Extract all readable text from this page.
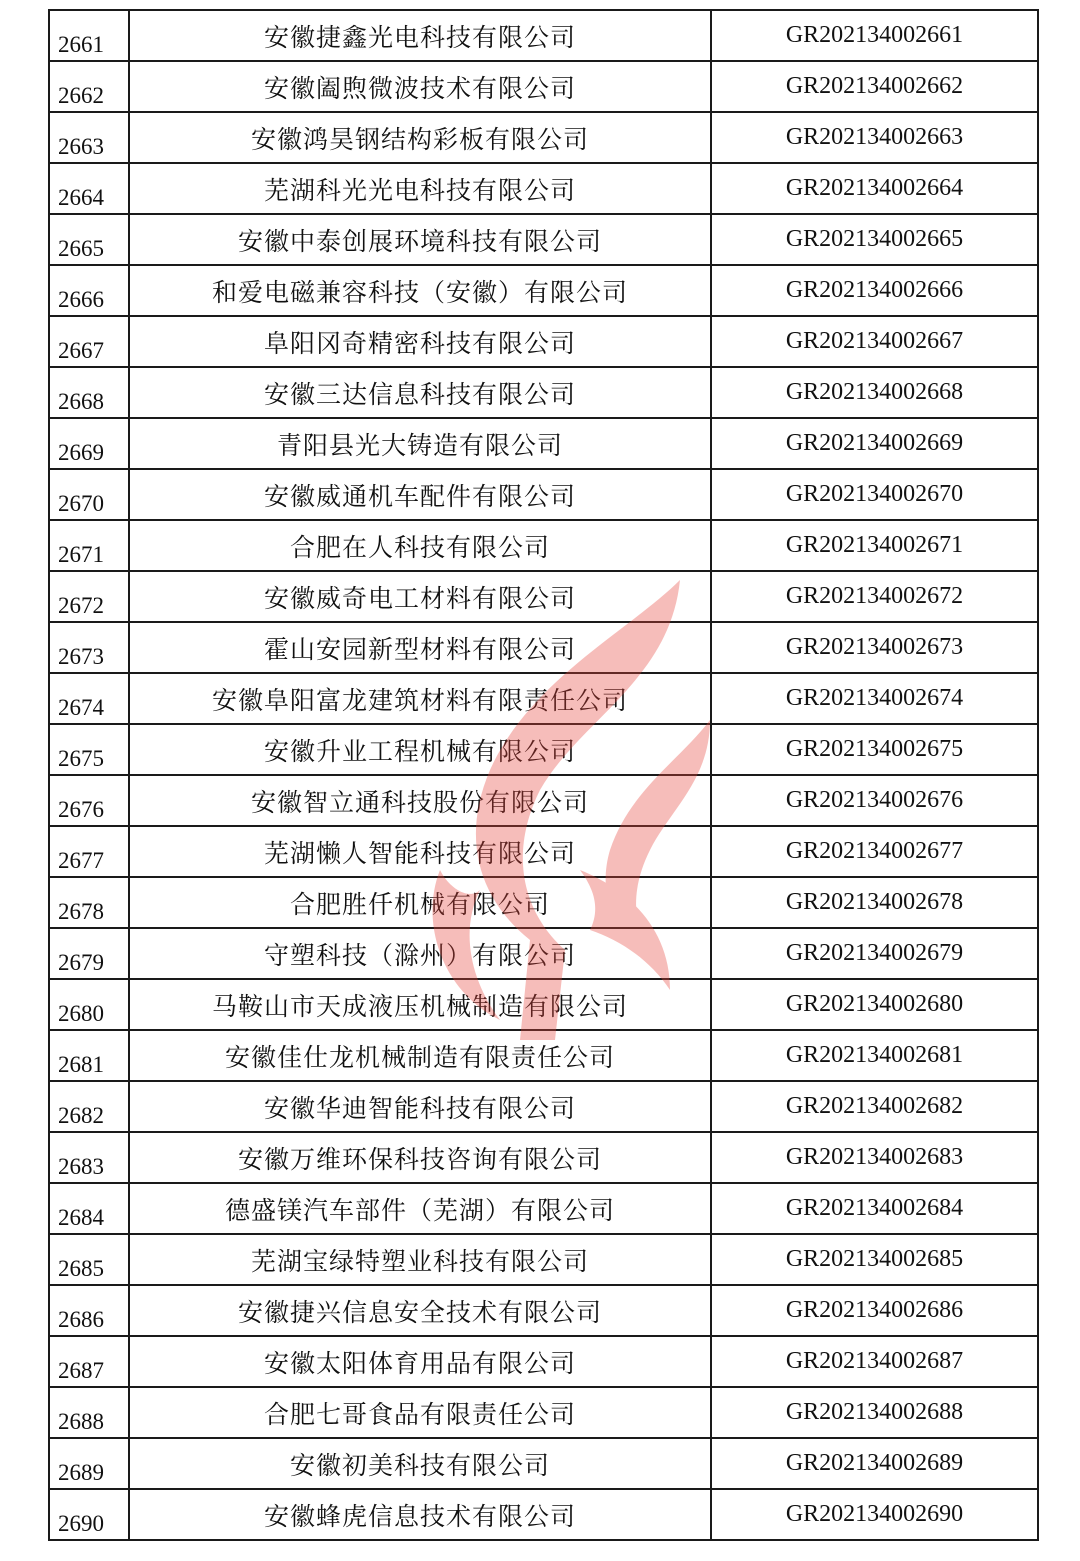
2661	安徽捷鑫光电科技有限公司	GR202134002661
2662	安徽阖煦微波技术有限公司	GR202134002662
2663	安徽鸿昊钢结构彩板有限公司	GR202134002663
2664	芜湖科光光电科技有限公司	GR202134002664
2665	安徽中泰创展环境科技有限公司	GR202134002665
2666	和爱电磁兼容科技（安徽）有限公司	GR202134002666
2667	阜阳冈奇精密科技有限公司	GR202134002667
2668	安徽三达信息科技有限公司	GR202134002668
2669	青阳县光大铸造有限公司	GR202134002669
2670	安徽威通机车配件有限公司	GR202134002670
2671	合肥在人科技有限公司	GR202134002671
2672	安徽威奇电工材料有限公司	GR202134002672
2673	霍山安园新型材料有限公司	GR202134002673
2674	安徽阜阳富龙建筑材料有限责任公司	GR202134002674
2675	安徽升业工程机械有限公司	GR202134002675
2676	安徽智立通科技股份有限公司	GR202134002676
2677	芜湖懒人智能科技有限公司	GR202134002677
2678	合肥胜仟机械有限公司	GR202134002678
2679	守塑科技（滁州）有限公司	GR202134002679
2680	马鞍山市天成液压机械制造有限公司	GR202134002680
2681	安徽佳仕龙机械制造有限责任公司	GR202134002681
2682	安徽华迪智能科技有限公司	GR202134002682
2683	安徽万维环保科技咨询有限公司	GR202134002683
2684	德盛镁汽车部件（芜湖）有限公司	GR202134002684
2685	芜湖宝绿特塑业科技有限公司	GR202134002685
2686	安徽捷兴信息安全技术有限公司	GR202134002686
2687	安徽太阳体育用品有限公司	GR202134002687
2688	合肥七哥食品有限责任公司	GR202134002688
2689	安徽初美科技有限公司	GR202134002689
2690	安徽蜂虎信息技术有限公司	GR202134002690
